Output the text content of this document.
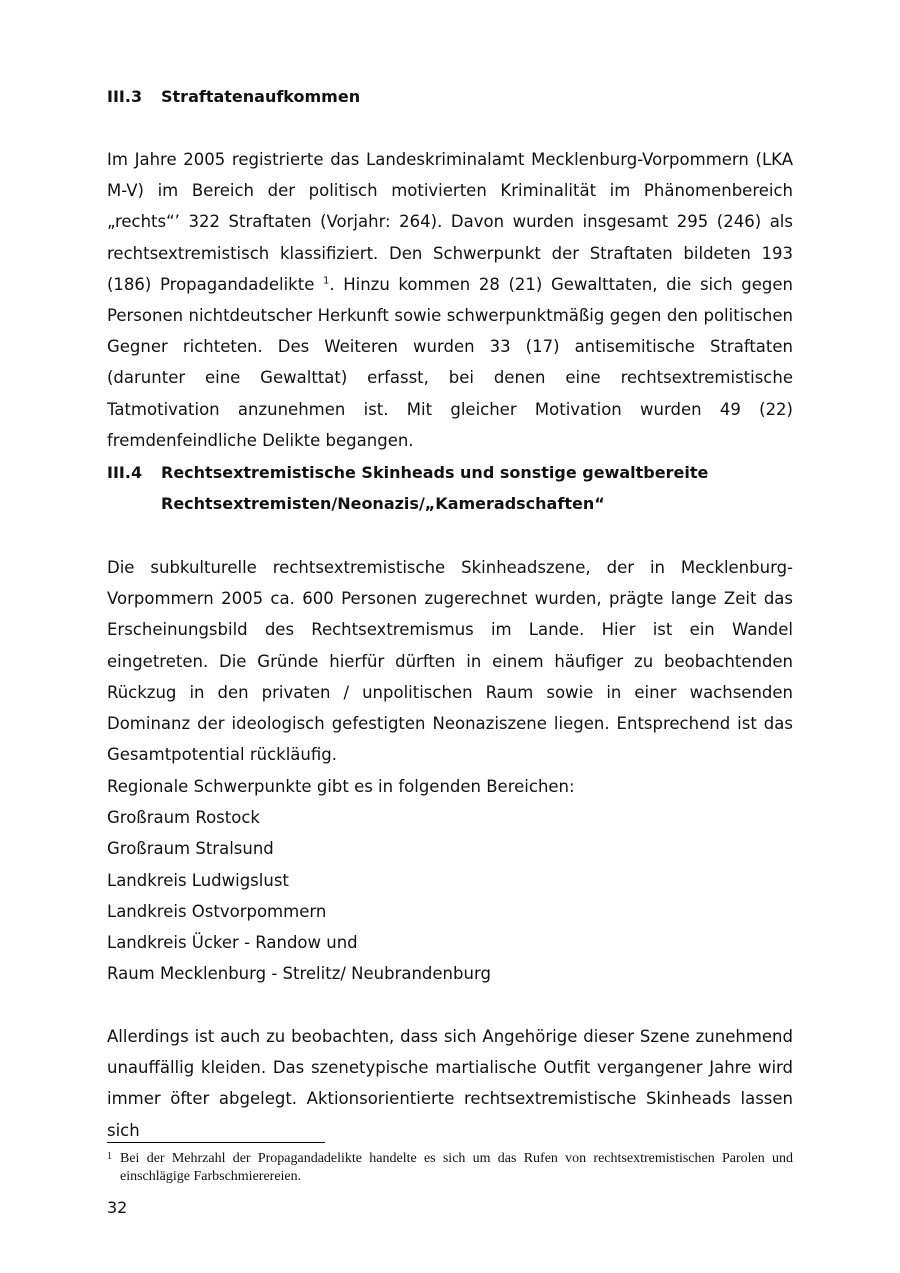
III.3 Straftatenaufkommen

Im Jahre 2005 registrierte das Landeskriminalamt Mecklenburg-Vorpommern (LKA M-V) im Bereich der politisch motivierten Kriminalität im Phänomenbereich „rechts“’ 322 Straftaten (Vorjahr: 264). Davon wurden insgesamt 295 (246) als rechtsextremistisch klassifiziert. Den Schwerpunkt der Straftaten bildeten 193 (186) Propagandadelikte $^1$. Hinzu kommen 28 (21) Gewalttaten, die sich gegen Personen nichtdeutscher Herkunft sowie schwerpunktmäßig gegen den politischen Gegner richteten. Des Weiteren wurden 33 (17) antisemitische Straftaten (darunter eine Gewalttat) erfasst, bei denen eine rechtsextremistische Tatmotivation anzunehmen ist. Mit gleicher Motivation wurden 49 (22) fremdenfeindliche Delikte begangen.

III.4 Rechtsextremistische Skinheads und sonstige gewaltbereite
Rechtsextremisten/Neonazis/„Kameradschaften“

Die subkulturelle rechtsextremistische Skinheadszene, der in Mecklenburg-Vorpommern 2005 ca. 600 Personen zugerechnet wurden, prägte lange Zeit das Erscheinungsbild des Rechtsextremismus im Lande. Hier ist ein Wandel eingetreten. Die Gründe hierfür dürften in einem häufiger zu beobachtenden Rückzug in den privaten / unpolitischen Raum sowie in einer wachsenden Dominanz der ideologisch gefestigten Neonaziszene liegen. Entsprechend ist das Gesamtpotential rückläufig.

Regionale Schwerpunkte gibt es in folgenden Bereichen:
Großraum Rostock
Großraum Stralsund
Landkreis Ludwigslust
Landkreis Ostvorpommern
Landkreis Ücker - Randow und
Raum Mecklenburg - Strelitz/ Neubrandenburg

Allerdings ist auch zu beobachten, dass sich Angehörige dieser Szene zunehmend unauffällig kleiden. Das szenetypische martialische Outfit vergangener Jahre wird immer öfter abgelegt. Aktionsorientierte rechtsextremistische Skinheads lassen sich

1 Bei der Mehrzahl der Propagandadelikte handelte es sich um das Rufen von rechtsextremistischen Parolen und einschlägige Farbschmierereien.
32
